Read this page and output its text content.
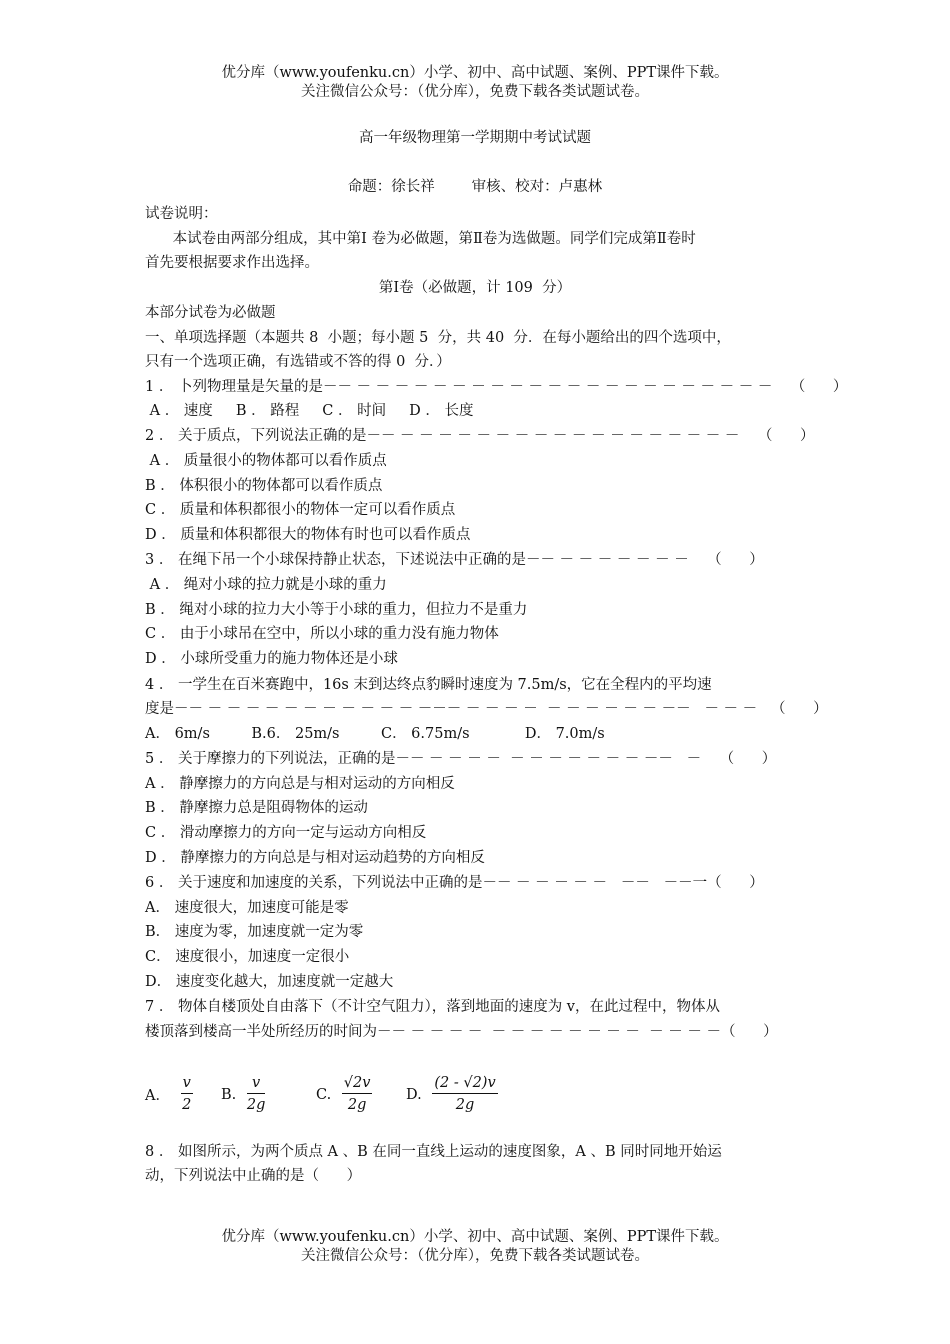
优分库（www.youfenku.cn）小学、初中、高中试题、案例、PPT课件下载。
关注微信公众号：（优分库），免费下载各类试题试卷。
高一年级物理第一学期期中考试试题
命题：徐长祥        审核、校对：卢惠林
试卷说明：
本试卷由两部分组成，其中第Ⅰ 卷为必做题，第Ⅱ卷为选做题。同学们完成第Ⅱ卷时
首先要根据要求作出选择。
第Ⅰ卷（必做题，计 109  分）
本部分试卷为必做题
一、单项选择题（本题共 8  小题；每小题 5  分，共 40  分．在每小题给出的四个选项中，
只有一个选项正确，有选错或不答的得 0  分．）
1 ． 卜列物理量是矢量的是－－ － － － － － － － － － － － － － － － － － － － － － －    （      ）
A ． 速度     B ． 路程     C ． 时间     D ． 长度
2 ． 关于质点，下列说法正确的是－－ － － － － － － － － － － － － － － － － － －    （      ）
A ． 质量很小的物体都可以看作质点
B ． 体积很小的物体都可以看作质点
C ． 质量和体积都很小的物体一定可以看作质点
D ． 质量和体积都很大的物体有时也可以看作质点
3 ． 在绳下吊一个小球保持静止状态，下述说法中正确的是－－ － － － － － － －    （      ）
A ． 绳对小球的拉力就是小球的重力
B ． 绳对小球的拉力大小等于小球的重力，但拉力不是重力
C ． 由于小球吊在空中，所以小球的重力没有施力物体
D ． 小球所受重力的施力物体还是小球
4 ． 一学生在百米赛跑中，16s 末到达终点豹瞬时速度为 7.5m/s，它在全程内的平均速
度是－－ － － － － － － － － － － － －－－ － － － －  － － － － － － －－   － － －   （      ）
A． 6m/s         B.6． 25m/s         C． 6.75m/s            D． 7.0m/s
5 ． 关于摩擦力的下列说法，正确的是－－ － － － －  － － － － － － － －－   －    （      ）
A ． 静摩擦力的方向总是与相对运动的方向相反
B ． 静摩擦力总是阻碍物体的运动
C ． 滑动摩擦力的方向一定与运动方向相反
D ． 静摩擦力的方向总是与相对运动趋势的方向相反
6 ． 关于速度和加速度的关系，下列说法中正确的是－－ － － － － －   －－   －－一（      ）
A． 速度很大，加速度可能是零
B． 速度为零，加速度就一定为零
C． 速度很小，加速度一定很小
D． 速度变化越大，加速度就一定越大
7 ． 物体自楼顶处自由落下（不计空气阻力），落到地面的速度为 v，在此过程中，物体从
楼顶落到楼高一半处所经历的时间为－－ － － － －  － － － － － － － －  － － － －（      ）
A． $\frac{v}{2} B$. $\frac{v}{2g}$	C. $\frac{√2v}{2g} D$. $\frac{(2 - √2)v}{2g}$
8 ． 如图所示，为两个质点 A 、B 在同一直线上运动的速度图象，A 、B 同时同地开始运
动，下列说法中止确的是（      ）
优分库（www.youfenku.cn）小学、初中、高中试题、案例、PPT课件下载。
关注微信公众号：（优分库），免费下载各类试题试卷。
